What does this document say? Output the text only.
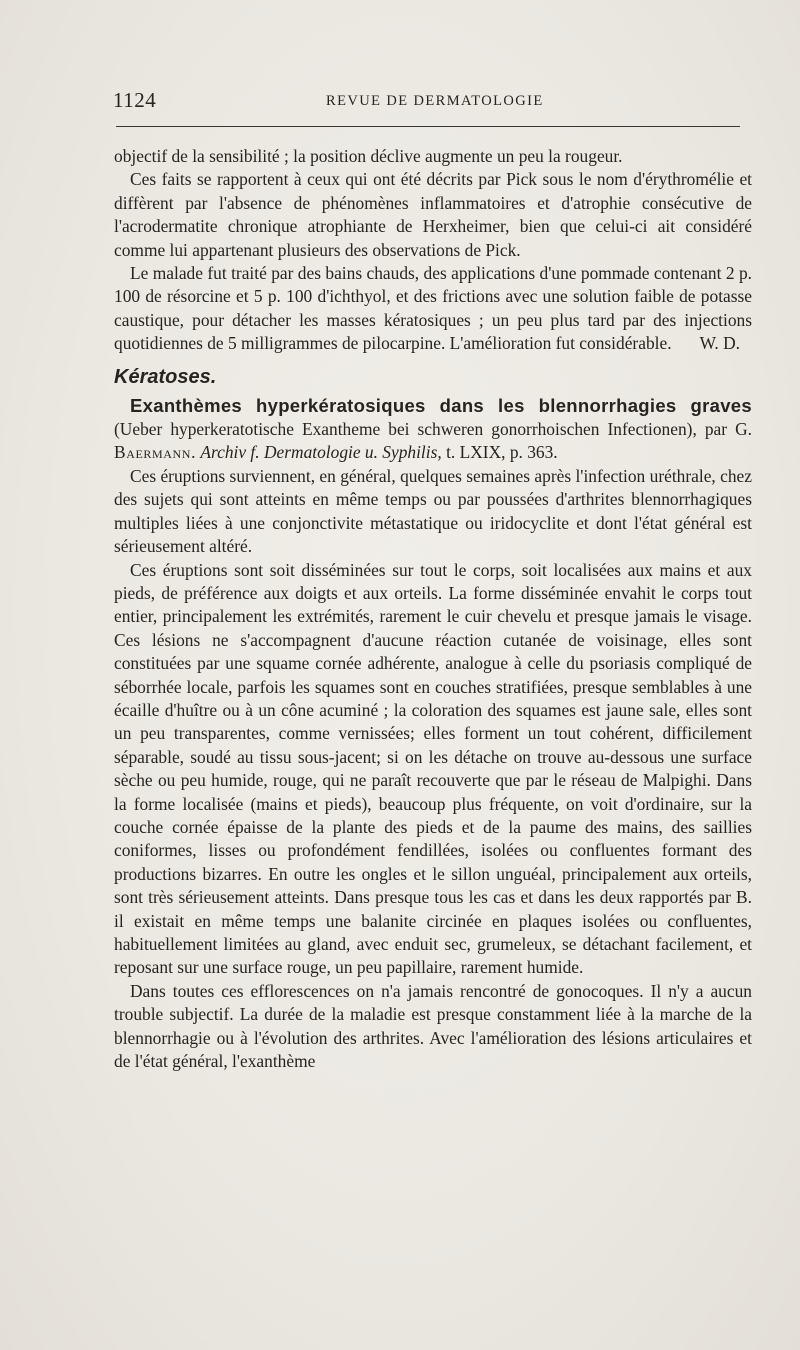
1124	REVUE DE DERMATOLOGIE

objectif de la sensibilité ; la position déclive augmente un peu la rougeur.

Ces faits se rapportent à ceux qui ont été décrits par Pick sous le nom d'érythromélie et diffèrent par l'absence de phénomènes inflammatoires et d'atrophie consécutive de l'acrodermatite chronique atrophiante de Herxheimer, bien que celui-ci ait considéré comme lui appartenant plusieurs des observations de Pick.

Le malade fut traité par des bains chauds, des applications d'une pommade contenant 2 p. 100 de résorcine et 5 p. 100 d'ichthyol, et des frictions avec une solution faible de potasse caustique, pour détacher les masses kératosiques ; un peu plus tard par des injections quotidiennes de 5 milligrammes de pilocarpine. L'amélioration fut considérable.	W. D.

Kératoses.

Exanthèmes hyperkératosiques dans les blennorrhagies graves (Ueber hyperkeratotische Exantheme bei schweren gonorrhoischen Infectionen), par G. Baermann. Archiv f. Dermatologie u. Syphilis, t. LXIX, p. 363.

Ces éruptions surviennent, en général, quelques semaines après l'infection uréthrale, chez des sujets qui sont atteints en même temps ou par poussées d'arthrites blennorrhagiques multiples liées à une conjonctivite métastatique ou iridocyclite et dont l'état général est sérieusement altéré.

Ces éruptions sont soit disséminées sur tout le corps, soit localisées aux mains et aux pieds, de préférence aux doigts et aux orteils. La forme disséminée envahit le corps tout entier, principalement les extrémités, rarement le cuir chevelu et presque jamais le visage. Ces lésions ne s'accompagnent d'aucune réaction cutanée de voisinage, elles sont constituées par une squame cornée adhérente, analogue à celle du psoriasis compliqué de séborrhée locale, parfois les squames sont en couches stratifiées, presque semblables à une écaille d'huître ou à un cône acuminé ; la coloration des squames est jaune sale, elles sont un peu transparentes, comme vernissées; elles forment un tout cohérent, difficilement séparable, soudé au tissu sous-jacent; si on les détache on trouve au-dessous une surface sèche ou peu humide, rouge, qui ne paraît recouverte que par le réseau de Malpighi. Dans la forme localisée (mains et pieds), beaucoup plus fréquente, on voit d'ordinaire, sur la couche cornée épaisse de la plante des pieds et de la paume des mains, des saillies coniformes, lisses ou profondément fendillées, isolées ou confluentes formant des productions bizarres. En outre les ongles et le sillon unguéal, principalement aux orteils, sont très sérieusement atteints. Dans presque tous les cas et dans les deux rapportés par B. il existait en même temps une balanite circinée en plaques isolées ou confluentes, habituellement limitées au gland, avec enduit sec, grumeleux, se détachant facilement, et reposant sur une surface rouge, un peu papillaire, rarement humide.

Dans toutes ces efflorescences on n'a jamais rencontré de gonocoques. Il n'y a aucun trouble subjectif. La durée de la maladie est presque constamment liée à la marche de la blennorrhagie ou à l'évolution des arthrites. Avec l'amélioration des lésions articulaires et de l'état général, l'exanthème
